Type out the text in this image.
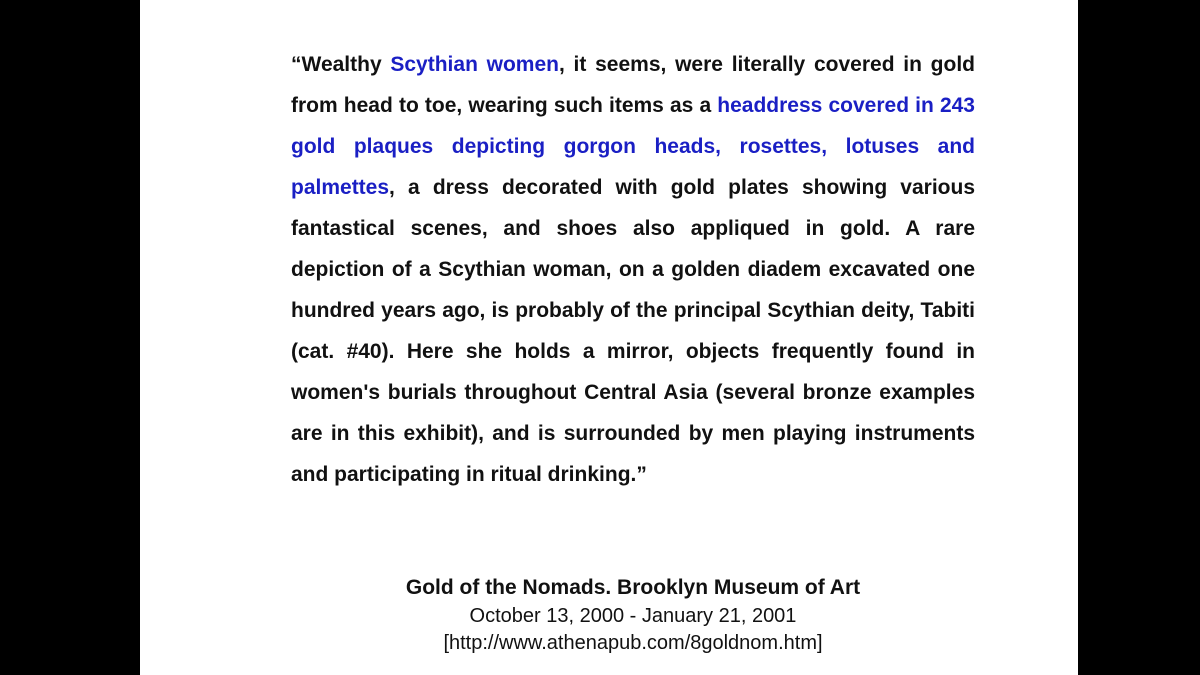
“Wealthy Scythian women, it seems, were literally covered in gold from head to toe, wearing such items as a headdress covered in 243 gold plaques depicting gorgon heads, rosettes, lotuses and palmettes, a dress decorated with gold plates showing various fantastical scenes, and shoes also appliqued in gold. A rare depiction of a Scythian woman, on a golden diadem excavated one hundred years ago, is probably of the principal Scythian deity, Tabiti (cat. #40). Here she holds a mirror, objects frequently found in women's burials throughout Central Asia (several bronze examples are in this exhibit), and is surrounded by men playing instruments and participating in ritual drinking.”

Gold of the Nomads. Brooklyn Museum of Art
October 13, 2000 - January 21, 2001
[http://www.athenapub.com/8goldnom.htm]
